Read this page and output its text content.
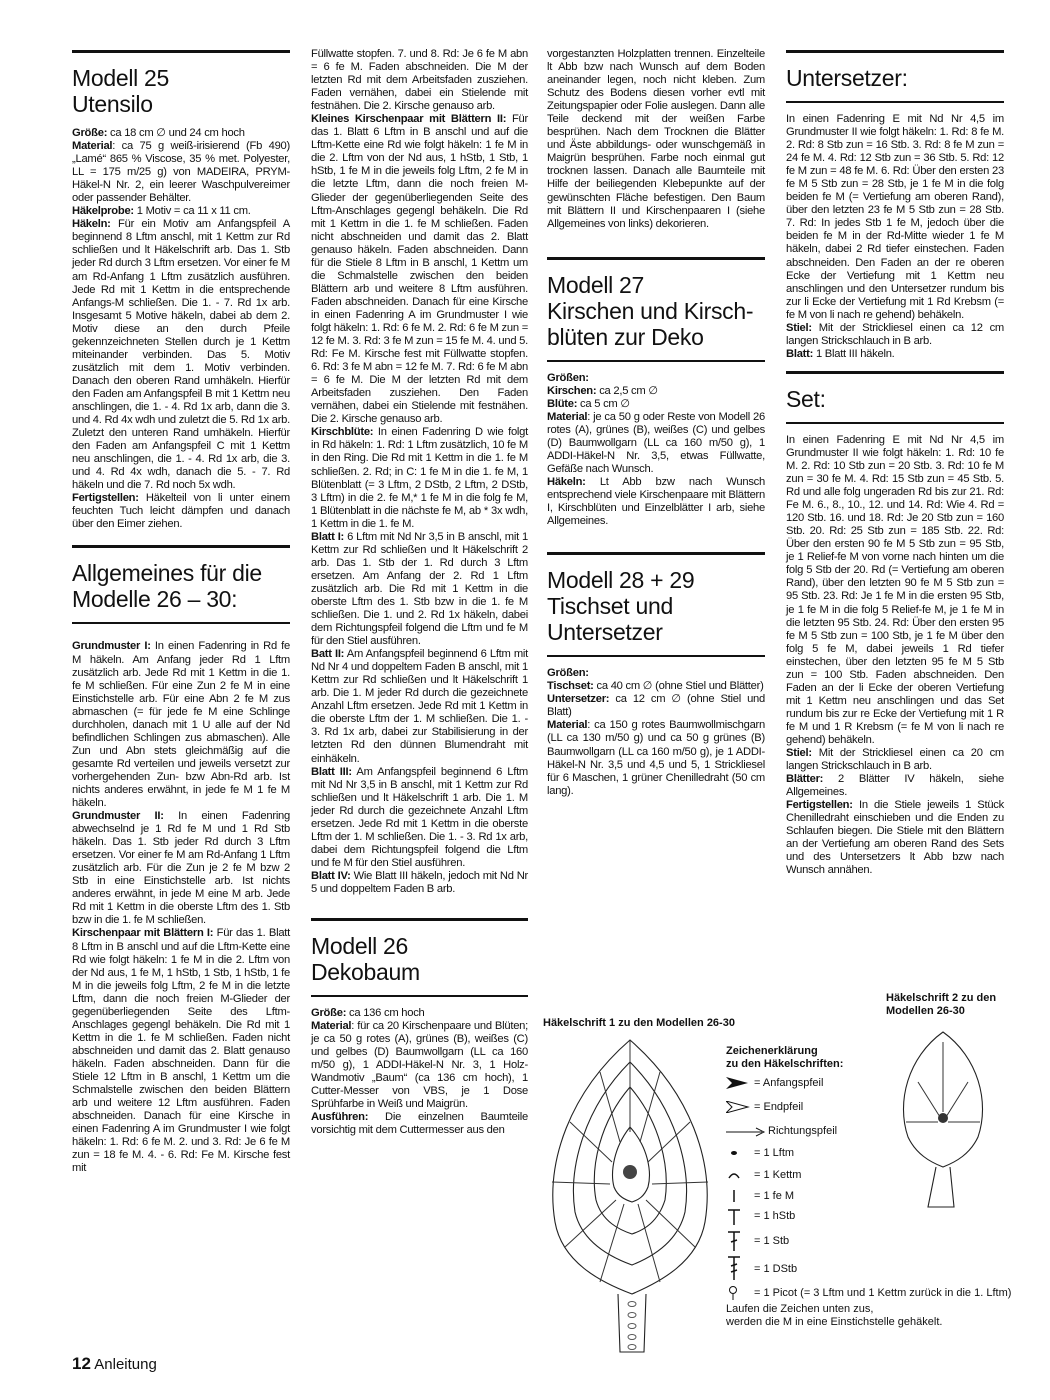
Modell 25
Utensilo

Größe: ca 18 cm ∅ und 24 cm hoch

Material: ca 75 g weiß-irisierend (Fb 490) „Lamé“ 865 % Viscose, 35 % met. Polyester, LL = 175 m/25 g) von MADEIRA, PRYM-Häkel-N Nr. 2, ein leerer Waschpulvereimer oder passender Behälter.

Häkelprobe: 1 Motiv = ca 11 x 11 cm.

Häkeln: Für ein Motiv am Anfangspfeil A beginnend 8 Lftm anschl, mit 1 Kettm zur Rd schließen und lt Häkelschrift arb. Das 1. Stb jeder Rd durch 3 Lftm ersetzen. Vor einer fe M am Rd-Anfang 1 Lftm zusätzlich ausführen. Jede Rd mit 1 Kettm in die entsprechende Anfangs-M schließen. Die 1. - 7. Rd 1x arb. Insgesamt 5 Motive häkeln, dabei ab dem 2. Motiv diese an den durch Pfeile gekennzeichneten Stellen durch je 1 Kettm miteinander verbinden. Das 5. Motiv zusätzlich mit dem 1. Motiv verbinden. Danach den oberen Rand umhäkeln. Hierfür den Faden am Anfangspfeil B mit 1 Kettm neu anschlingen, die 1. - 4. Rd 1x arb, dann die 3. und 4. Rd 4x wdh und zuletzt die 5. Rd 1x arb. Zuletzt den unteren Rand umhäkeln. Hierfür den Faden am Anfangspfeil C mit 1 Kettm neu anschlingen, die 1. - 4. Rd 1x arb, die 3. und 4. Rd 4x wdh, danach die 5. - 7. Rd häkeln und die 7. Rd noch 5x wdh.

Fertigstellen: Häkelteil von li unter einem feuchten Tuch leicht dämpfen und danach über den Eimer ziehen.

Allgemeines für die
Modelle 26 – 30:

Grundmuster I: In einen Fadenring in Rd fe M häkeln. Am Anfang jeder Rd 1 Lftm zusätzlich arb. Jede Rd mit 1 Kettm in die 1. fe M schließen. Für eine Zun 2 fe M in eine Einstichstelle arb. Für eine Abn 2 fe M zus abmaschen (= für jede fe M eine Schlinge durchholen, danach mit 1 U alle auf der Nd befindlichen Schlingen zus abmaschen). Alle Zun und Abn stets gleichmäßig auf die gesamte Rd verteilen und jeweils versetzt zur vorhergehenden Zun- bzw Abn-Rd arb. Ist nichts anderes erwähnt, in jede fe M 1 fe M häkeln.

Grundmuster II: In einen Fadenring abwechselnd je 1 Rd fe M und 1 Rd Stb häkeln. Das 1. Stb jeder Rd durch 3 Lftm ersetzen. Vor einer fe M am Rd-Anfang 1 Lftm zusätzlich arb. Für die Zun je 2 fe M bzw 2 Stb in eine Einstichstelle arb. Ist nichts anderes erwähnt, in jede M eine M arb. Jede Rd mit 1 Kettm in die oberste Lftm des 1. Stb bzw in die 1. fe M schließen.

Kirschenpaar mit Blättern I: Für das 1. Blatt 8 Lftm in B anschl und auf die Lftm-Kette eine Rd wie folgt häkeln: 1 fe M in die 2. Lftm von der Nd aus, 1 fe M, 1 hStb, 1 Stb, 1 hStb, 1 fe M in die jeweils folg Lftm, 2 fe M in die letzte Lftm, dann die noch freien M-Glieder der gegenüberliegenden Seite des Lftm-Anschlages gegengl behäkeln. Die Rd mit 1 Kettm in die 1. fe M schließen. Faden nicht abschneiden und damit das 2. Blatt genauso häkeln. Faden abschneiden. Dann für die Stiele 12 Lftm in B anschl, 1 Kettm um die Schmalstelle zwischen den beiden Blättern arb und weitere 12 Lftm ausführen. Faden abschneiden. Danach für eine Kirsche in einen Fadenring A im Grundmuster I wie folgt häkeln: 1. Rd: 6 fe M. 2. und 3. Rd: Je 6 fe M zun = 18 fe M. 4. - 6. Rd: Fe M. Kirsche fest mit

Füllwatte stopfen. 7. und 8. Rd: Je 6 fe M abn = 6 fe M. Faden abschneiden. Die M der letzten Rd mit dem Arbeitsfaden zusziehen. Faden vernähen, dabei ein Stielende mit festnähen. Die 2. Kirsche genauso arb.

Kleines Kirschenpaar mit Blättern II: Für das 1. Blatt 6 Lftm in B anschl und auf die Lftm-Kette eine Rd wie folgt häkeln: 1 fe M in die 2. Lftm von der Nd aus, 1 hStb, 1 Stb, 1 hStb, 1 fe M in die jeweils folg Lftm, 2 fe M in die letzte Lftm, dann die noch freien M-Glieder der gegenüberliegenden Seite des Lftm-Anschlages gegengl behäkeln. Die Rd mit 1 Kettm in die 1. fe M schließen. Faden nicht abschneiden und damit das 2. Blatt genauso häkeln. Faden abschneiden. Dann für die Stiele 8 Lftm in B anschl, 1 Kettm um die Schmalstelle zwischen den beiden Blättern arb und weitere 8 Lftm ausführen. Faden abschneiden. Danach für eine Kirsche in einen Fadenring A im Grundmuster I wie folgt häkeln: 1. Rd: 6 fe M. 2. Rd: 6 fe M zun = 12 fe M. 3. Rd: 3 fe M zun = 15 fe M. 4. und 5. Rd: Fe M. Kirsche fest mit Füllwatte stopfen. 6. Rd: 3 fe M abn = 12 fe M. 7. Rd: 6 fe M abn = 6 fe M. Die M der letzten Rd mit dem Arbeitsfaden zusziehen. Den Faden vernähen, dabei ein Stielende mit festnähen. Die 2. Kirsche genauso arb.

Kirschblüte: In einen Fadenring D wie folgt in Rd häkeln: 1. Rd: 1 Lftm zusätzlich, 10 fe M in den Ring. Die Rd mit 1 Kettm in die 1. fe M schließen. 2. Rd; in C: 1 fe M in die 1. fe M, 1 Blütenblatt (= 3 Lftm, 2 DStb, 2 Lftm, 2 DStb, 3 Lftm) in die 2. fe M,* 1 fe M in die folg fe M, 1 Blütenblatt in die nächste fe M, ab * 3x wdh, 1 Kettm in die 1. fe M.

Blatt I: 6 Lftm mit Nd Nr 3,5 in B anschl, mit 1 Kettm zur Rd schließen und lt Häkelschrift 2 arb. Das 1. Stb der 1. Rd durch 3 Lftm ersetzen. Am Anfang der 2. Rd 1 Lftm zusätzlich arb. Die Rd mit 1 Kettm in die oberste Lftm des 1. Stb bzw in die 1. fe M schließen. Die 1. und 2. Rd 1x häkeln, dabei dem Richtungspfeil folgend die Lftm und fe M für den Stiel ausführen.

Batt II: Am Anfangspfeil beginnend 6 Lftm mit Nd Nr 4 und doppeltem Faden B anschl, mit 1 Kettm zur Rd schließen und lt Häkelschrift 1 arb. Die 1. M jeder Rd durch die gezeichnete Anzahl Lftm ersetzen. Jede Rd mit 1 Kettm in die oberste Lftm der 1. M schließen. Die 1. - 3. Rd 1x arb, dabei zur Stabilisierung in der letzten Rd den dünnen Blumendraht mit einhäkeln.

Blatt III: Am Anfangspfeil beginnend 6 Lftm mit Nd Nr 3,5 in B anschl, mit 1 Kettm zur Rd schließen und lt Häkelschrift 1 arb. Die 1. M jeder Rd durch die gezeichnete Anzahl Lftm ersetzen. Jede Rd mit 1 Kettm in die oberste Lftm der 1. M schließen. Die 1. - 3. Rd 1x arb, dabei dem Richtungspfeil folgend die Lftm und fe M für den Stiel ausführen.

Blatt IV: Wie Blatt III häkeln, jedoch mit Nd Nr 5 und doppeltem Faden B arb.

Modell 26
Dekobaum

Größe: ca 136 cm hoch

Material: für ca 20 Kirschenpaare und Blüten; je ca 50 g rotes (A), grünes (B), weißes (C) und gelbes (D) Baumwollgarn (LL ca 160 m/50 g), 1 ADDI-Häkel-N Nr. 3, 1 Holz-Wandmotiv „Baum“ (ca 136 cm hoch), 1 Cutter-Messer von VBS, je 1 Dose Sprühfarbe in Weiß und Maigrün.

Ausführen: Die einzelnen Baumteile vorsichtig mit dem Cuttermesser aus den

vorgestanzten Holzplatten trennen. Einzelteile lt Abb bzw nach Wunsch auf dem Boden aneinander legen, noch nicht kleben. Zum Schutz des Bodens diesen vorher evtl mit Zeitungspapier oder Folie auslegen. Dann alle Teile deckend mit der weißen Farbe besprühen. Nach dem Trocknen die Blätter und Äste abbildungs- oder wunschgemäß in Maigrün besprühen. Farbe noch einmal gut trocknen lassen. Danach alle Baumteile mit Hilfe der beiliegenden Klebepunkte auf der gewünschten Fläche befestigen. Den Baum mit Blättern II und Kirschenpaaren I (siehe Allgemeines von links) dekorieren.

Modell 27
Kirschen und Kirsch-
blüten zur Deko

Größen:

Kirschen: ca 2,5 cm ∅

Blüte: ca 5 cm ∅

Material: je ca 50 g oder Reste von Modell 26 rotes (A), grünes (B), weißes (C) und gelbes (D) Baumwollgarn (LL ca 160 m/50 g), 1 ADDI-Häkel-N Nr. 3,5, etwas Füllwatte, Gefäße nach Wunsch.

Häkeln: Lt Abb bzw nach Wunsch entsprechend viele Kirschenpaare mit Blättern I, Kirschblüten und Einzelblätter I arb, siehe Allgemeines.

Modell 28 + 29
Tischset und
Untersetzer

Größen:

Tischset: ca 40 cm ∅ (ohne Stiel und Blätter)

Untersetzer: ca 12 cm ∅ (ohne Stiel und Blatt)

Material: ca 150 g rotes Baumwollmischgarn (LL ca 130 m/50 g) und ca 50 g grünes (B) Baumwollgarn (LL ca 160 m/50 g), je 1 ADDI-Häkel-N Nr. 3,5 und 4,5 und 5, 1 Strickliesel für 6 Maschen, 1 grüner Chenilledraht (50 cm lang).

Untersetzer:

In einen Fadenring E mit Nd Nr 4,5 im Grundmuster II wie folgt häkeln: 1. Rd: 8 fe M. 2. Rd: 8 Stb zun = 16 Stb. 3. Rd: 8 fe M zun = 24 fe M. 4. Rd: 12 Stb zun = 36 Stb. 5. Rd: 12 fe M zun = 48 fe M. 6. Rd: Über den ersten 23 fe M 5 Stb zun = 28 Stb, je 1 fe M in die folg beiden fe M (= Vertiefung am oberen Rand), über den letzten 23 fe M 5 Stb zun = 28 Stb. 7. Rd: In jedes Stb 1 fe M, jedoch über die beiden fe M in der Rd-Mitte wieder 1 fe M häkeln, dabei 2 Rd tiefer einstechen. Faden abschneiden. Den Faden an der re oberen Ecke der Vertiefung mit 1 Kettm neu anschlingen und den Untersetzer rundum bis zur li Ecke der Vertiefung mit 1 Rd Krebsm (= fe M von li nach re gehend) behäkeln.

Stiel: Mit der Strickliesel einen ca 12 cm langen Strickschlauch in B arb.

Blatt: 1 Blatt III häkeln.

Set:

In einen Fadenring E mit Nd Nr 4,5 im Grundmuster II wie folgt häkeln: 1. Rd: 10 fe M. 2. Rd: 10 Stb zun = 20 Stb. 3. Rd: 10 fe M zun = 30 fe M. 4. Rd: 15 Stb zun = 45 Stb. 5. Rd und alle folg ungeraden Rd bis zur 21. Rd: Fe M. 6., 8., 10., 12. und 14. Rd: Wie 4. Rd = 120 Stb. 16. und 18. Rd: Je 20 Stb zun = 160 Stb. 20. Rd: 25 Stb zun = 185 Stb. 22. Rd: Über den ersten 90 fe M 5 Stb zun = 95 Stb, je 1 Relief-fe M von vorne nach hinten um die folg 5 Stb der 20. Rd (= Vertiefung am oberen Rand), über den letzten 90 fe M 5 Stb zun = 95 Stb. 23. Rd: Je 1 fe M in die ersten 95 Stb, je 1 fe M in die folg 5 Relief-fe M, je 1 fe M in die letzten 95 Stb. 24. Rd: Über den ersten 95 fe M 5 Stb zun = 100 Stb, je 1 fe M über den folg 5 fe M, dabei jeweils 1 Rd tiefer einstechen, über den letzten 95 fe M 5 Stb zun = 100 Stb. Faden abschneiden. Den Faden an der li Ecke der oberen Vertiefung mit 1 Kettm neu anschlingen und das Set rundum bis zur re Ecke der Vertiefung mit 1 R fe M und 1 R Krebsm (= fe M von li nach re gehend) behäkeln.

Stiel: Mit der Strickliesel einen ca 20 cm langen Strickschlauch in B arb.

Blätter: 2 Blätter IV häkeln, siehe Allgemeines.

Fertigstellen: In die Stiele jeweils 1 Stück Chenilledraht einschieben und die Enden zu Schlaufen biegen. Die Stiele mit den Blättern an der Vertiefung am oberen Rand des Sets und des Untersetzers lt Abb bzw nach Wunsch annähen.

Häkelschrift 1 zu den Modellen 26-30
Häkelschrift 2 zu den
Modellen 26-30
Zeichenerklärung
zu den Häkelschriften:
= Anfangspfeil
= Endpfeil
Richtungspfeil
= 1 Lftm
= 1 Kettm
= 1 fe M
= 1 hStb
= 1 Stb
= 1 DStb
= 1 Picot (= 3 Lftm und 1 Kettm zurück in die 1. Lftm)
Laufen die Zeichen unten zus,
werden die M in eine Einstichstelle gehäkelt.
12 Anleitung
